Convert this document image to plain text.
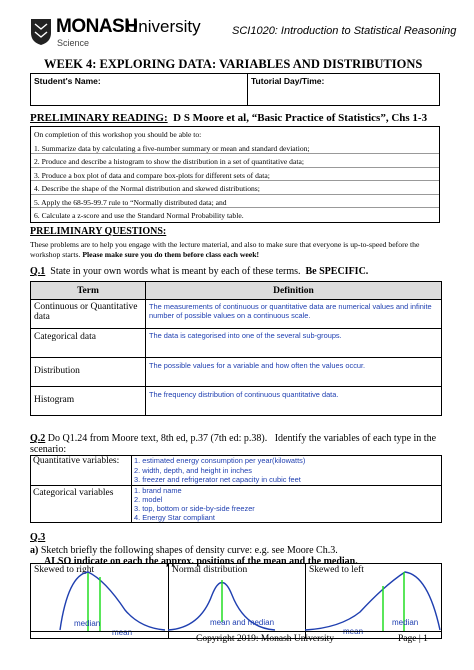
MONASH
University
Science
SCI1020: Introduction to Statistical Reasoning
WEEK 4: EXPLORING DATA: VARIABLES AND DISTRIBUTIONS
Student's Name:	Tutorial Day/Time:
PRELIMINARY READING: D S Moore et al, “Basic Practice of Statistics”, Chs 1-3
On completion of this workshop you should be able to:
1. Summarize data by calculating a five-number summary or mean and standard deviation;
2. Produce and describe a histogram to show the distribution in a set of quantitative data;
3. Produce a box plot of data and compare box-plots for different sets of data;
4. Describe the shape of the Normal distribution and skewed distributions;
5. Apply the 68-95-99.7 rule to “Normally distributed data; and
6. Calculate a z-score and use the Standard Normal Probability table.
PRELIMINARY QUESTIONS:
These problems are to help you engage with the lecture material, and also to make sure that everyone is up-to-speed before the workshop starts. Please make sure you do them before class each week!
Q.1 State in your own words what is meant by each of these terms. Be SPECIFIC.
Term	Definition
Continuous or Quantitative data	The measurements of continuous or quantitative data are numerical values and infinite number of possible values on a continuous scale.
Categorical data	The data is categorised into one of the several sub-groups.
Distribution	The possible values for a variable and how often the values occur.
Histogram	The frequency distribution of continuous quantitative data.
Q.2 Do Q1.24 from Moore text, 8th ed, p.37 (7th ed: p.38). Identify the variables of each type in the scenario:
Quantitative variables:	1. estimated energy consumption per year(kilowatts)
2. width, depth, and height in inches
3. freezer and refrigerator net capacity in cubic feet

Categorical variables	1. brand name
2. model
3. top, bottom or side-by-side freezer
4. Energy Star compliant
Q.3
a) Sketch briefly the following shapes of density curve: e.g. see Moore Ch.3.
ALSO indicate on each the approx. positions of the mean and the median.
Skewed to right	Normal distribution	Skewed to left
median
mean
mean and median	median
mean
Copyright 2019: Monash University	Page | 1
